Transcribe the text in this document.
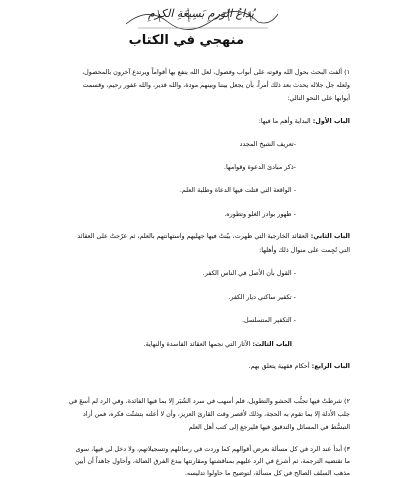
بُداعُ الوَرمِ بَسِيعَةِ الكرمِ
منهجي في الكتاب
١) ألفت البحث بحول الله وقوته على أبواب وفصول، لعل الله ينفع بها أقواماً ويرتدع آخرون بالمحصول،
ولعله جل جلاله يحدث بعد ذلك أمراً، بأن يجعل بيننا وبينهم مودة، والله قدير، والله غفور رحيم، وقسمت
أبوابها على النحو التالي:
الباب الأول: البداية وأهم ما فيها:
-تعريف الشيخ المجدد
-ذكر مبادئ الدعوة وقوامها.
- الواقعة التي قتلت فيها الدعاة وطلبة العلم.
- ظهور بوادر الغلو وتطوره.
الباب الثاني: العقائد الخارجية التي ظهرت، بيّنتُ فيها جهليهم واستهانتهم بالعلم، ثم عرّجتُ على العقائد
التي نُجِمت على منوال ذلك وأهلها:
- القول بأن الأصل في الناس الكفر.
- تكفير ساكني ديار الكفر.
- التكفير المتسلسل.
الباب الثالث: الآثار التي نجمها العقائد الفاسدة والنهاية.
الباب الرابع: أحكام فقهية يتعلق بهم.
٢) شرطتُ فيها تجنُّب الحشو والتطويل، فلم أسهب في سرد الشُبَر إلا بما فيها الفائدة، وفي الرد لم أسعَ في
جلب الأدلة إلا بما تقوم به الحجة، وذلك لأقصر وقت القارئ العزيز، وأن لا أعلته بتشتّت فكره، فمن أراد
التبسُّط في المسائل والتدقيق فيها فليرجع إلى كتب أهل العلم
٣) أبدأ عند الرد في كل مسألة بعرض أقوالهم كما وردت في رسائلهم وتسجيلاتهم، ولا دخل لي فيها، سوى
ما تقتضيه الترجمة، ثم أشرع في الرد عليهم بمناقشتها ومقارنتها ببدع الفرق الضالة، وأحاول جاهداً أن أبين
مذهب السلف الصالح في كل مسألة، لتوضيح ما حاولوا تدليسه.
